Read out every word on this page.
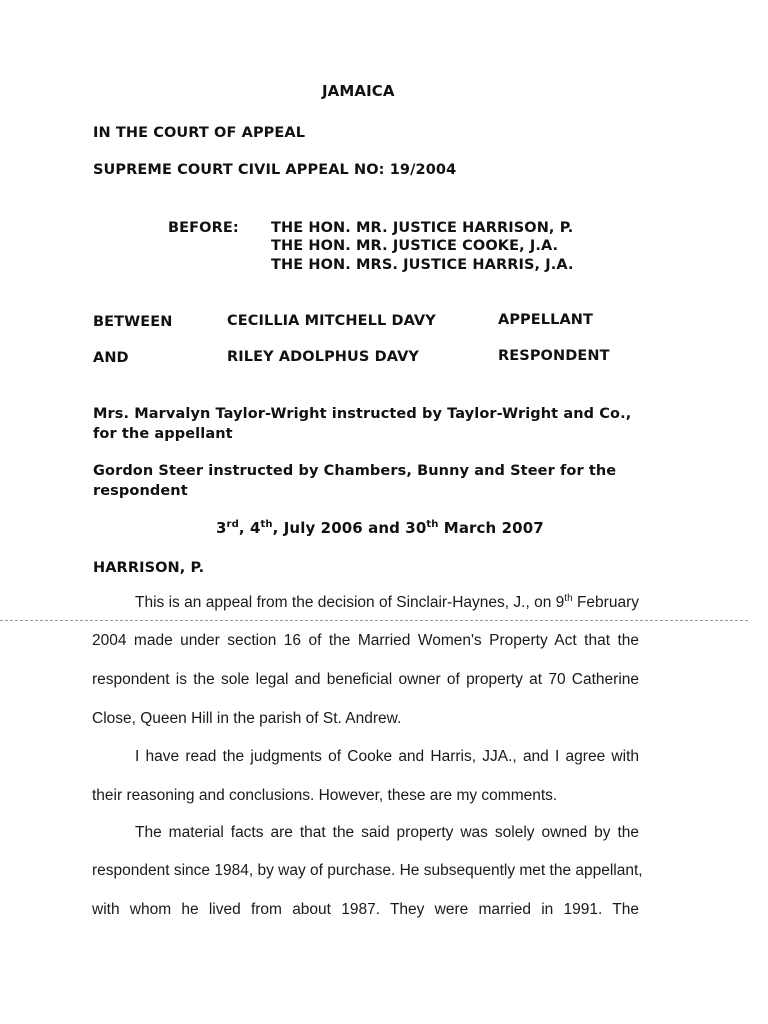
JAMAICA
IN THE COURT OF APPEAL
SUPREME COURT CIVIL APPEAL NO: 19/2004
BEFORE: THE HON. MR. JUSTICE HARRISON, P.
THE HON. MR. JUSTICE COOKE, J.A.
THE HON. MRS. JUSTICE HARRIS, J.A.
BETWEEN	CECILLIA MITCHELL DAVY	APPELLANT
AND	RILEY ADOLPHUS DAVY	RESPONDENT
Mrs. Marvalyn Taylor-Wright instructed by Taylor-Wright and Co.,
for the appellant
Gordon Steer instructed by Chambers, Bunny and Steer for the
respondent
3rd, 4th, July 2006 and 30th March 2007
HARRISON, P.
This is an appeal from the decision of Sinclair-Haynes, J., on 9th February
2004 made under section 16 of the Married Women's Property Act that the
respondent is the sole legal and beneficial owner of property at 70 Catherine
Close, Queen Hill in the parish of St. Andrew.
I have read the judgments of Cooke and Harris, JJA., and I agree with
their reasoning and conclusions. However, these are my comments.
The material facts are that the said property was solely owned by the
respondent since 1984, by way of purchase. He subsequently met the appellant,
with whom he lived from about 1987. They were married in 1991. The
